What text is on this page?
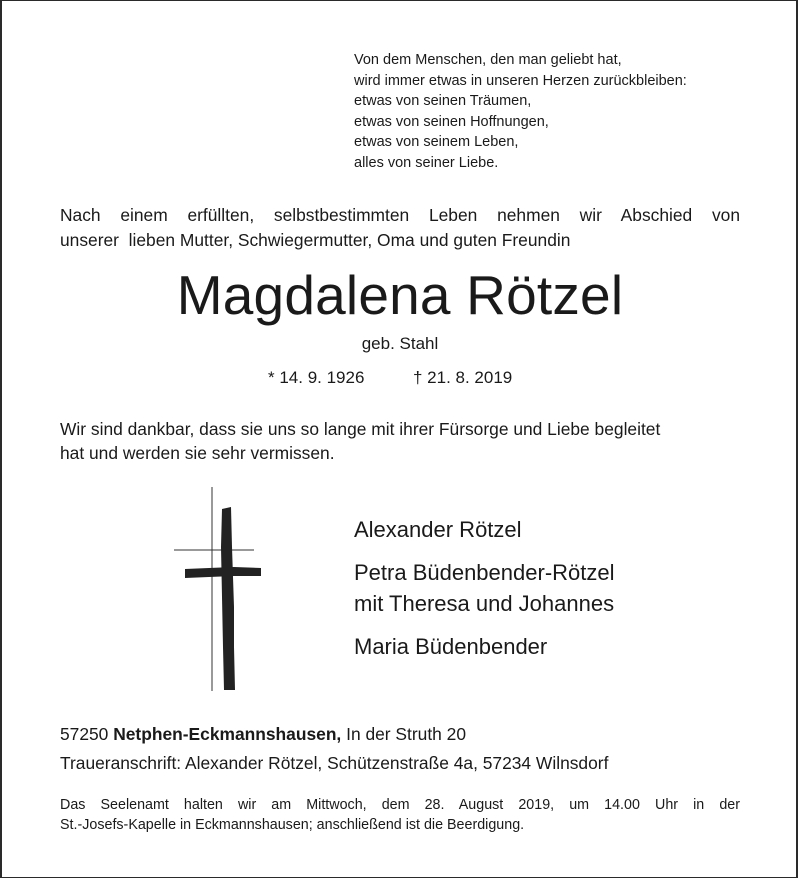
Von dem Menschen, den man geliebt hat,
wird immer etwas in unseren Herzen zurückbleiben:
etwas von seinen Träumen,
etwas von seinen Hoffnungen,
etwas von seinem Leben,
alles von seiner Liebe.
Nach einem erfüllten, selbstbestimmten Leben nehmen wir Abschied von
unserer  lieben Mutter, Schwiegermutter, Oma und guten Freundin
Magdalena Rötzel
geb. Stahl
* 14. 9. 1926	† 21. 8. 2019
Wir sind dankbar, dass sie uns so lange mit ihrer Fürsorge und Liebe begleitet
hat und werden sie sehr vermissen.
Alexander Rötzel
Petra Büdenbender-Rötzel
mit Theresa und Johannes
Maria Büdenbender
57250 Netphen-Eckmannshausen, In der Struth 20
Traueranschrift: Alexander Rötzel, Schützenstraße 4a, 57234 Wilnsdorf
Das Seelenamt halten wir am Mittwoch, dem 28. August 2019, um 14.00 Uhr in der
St.-Josefs-Kapelle in Eckmannshausen; anschließend ist die Beerdigung.
